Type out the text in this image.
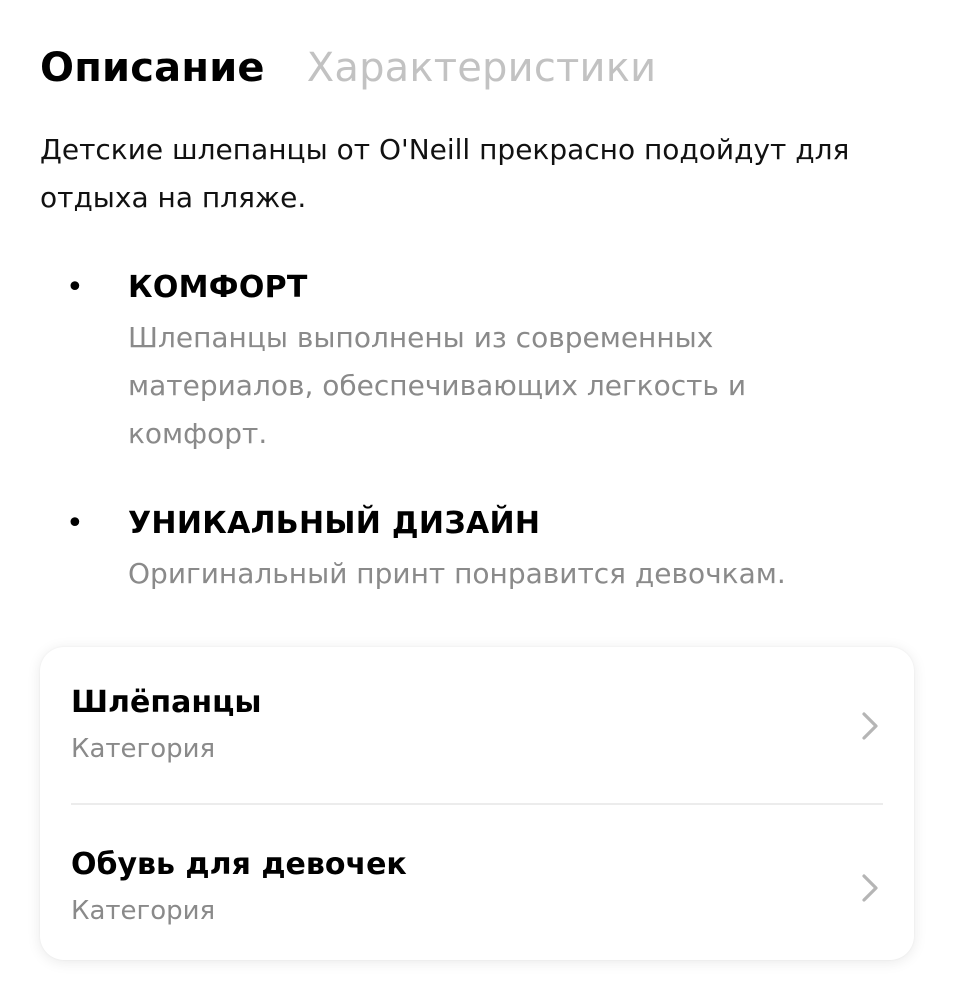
Описание Характеристики

Детские шлепанцы от O'Neill прекрасно подойдут для отдыха на пляже.

• КОМФОРТ
Шлепанцы выполнены из современных материалов, обеспечивающих легкость и комфорт.
• УНИКАЛЬНЫЙ ДИЗАЙН
Оригинальный принт понравится девочкам.
Шлёпанцы
Категория
Обувь для девочек
Категория
